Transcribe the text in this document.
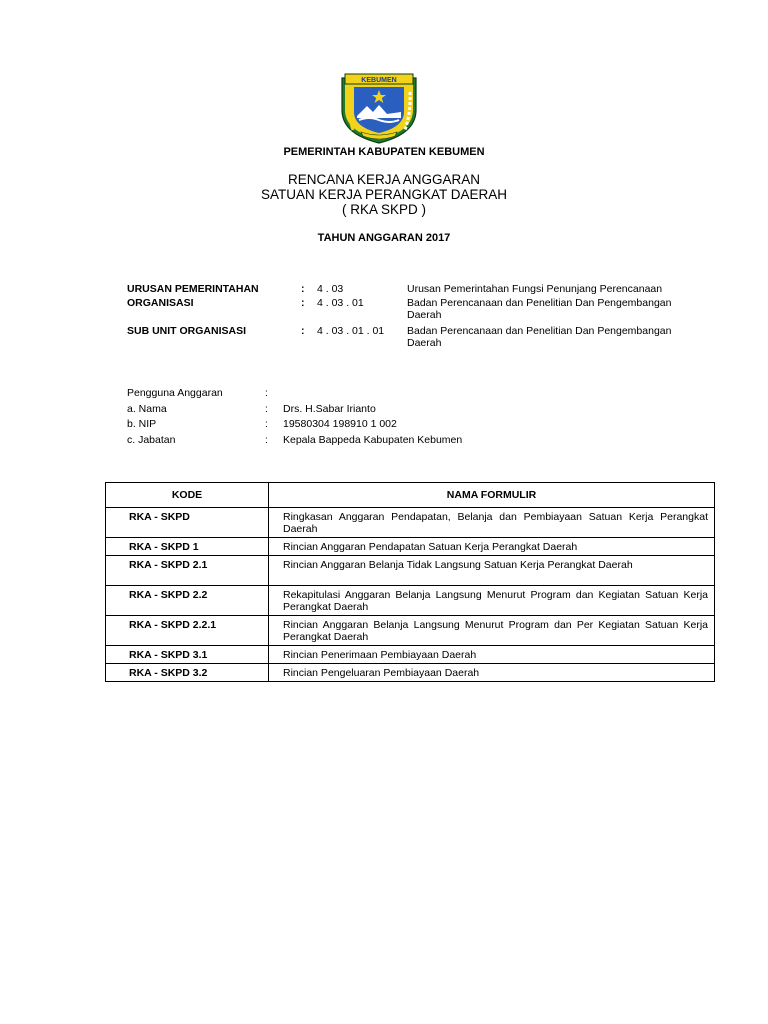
KEBUMEN
PEMERINTAH KABUPATEN KEBUMEN
RENCANA KERJA ANGGARAN
SATUAN KERJA PERANGKAT DAERAH
( RKA SKPD )
TAHUN ANGGARAN 2017
URUSAN PEMERINTAHAN	: 4 . 03	Urusan Pemerintahan Fungsi Penunjang Perencanaan
ORGANISASI	: 4 . 03 . 01	Badan Perencanaan dan Penelitian Dan Pengembangan Daerah
SUB UNIT ORGANISASI	: 4 . 03 . 01 . 01 Badan Perencanaan dan Penelitian Dan Pengembangan Daerah
Pengguna Anggaran	:
a. Nama	: Drs. H.Sabar Irianto
b. NIP	: 19580304 198910 1 002
c. Jabatan	: Kepala Bappeda Kabupaten Kebumen
KODE	NAMA FORMULIR
RKA - SKPD	Ringkasan Anggaran Pendapatan, Belanja dan Pembiayaan Satuan Kerja Perangkat Daerah
RKA - SKPD 1	Rincian Anggaran Pendapatan Satuan Kerja Perangkat Daerah
RKA - SKPD 2.1	Rincian Anggaran Belanja Tidak Langsung Satuan Kerja Perangkat Daerah
RKA - SKPD 2.2	Rekapitulasi Anggaran Belanja Langsung Menurut Program dan Kegiatan Satuan Kerja Perangkat Daerah
RKA - SKPD 2.2.1	Rincian Anggaran Belanja Langsung Menurut Program dan Per Kegiatan Satuan Kerja Perangkat Daerah
RKA - SKPD 3.1	Rincian Penerimaan Pembiayaan Daerah
RKA - SKPD 3.2	Rincian Pengeluaran Pembiayaan Daerah
